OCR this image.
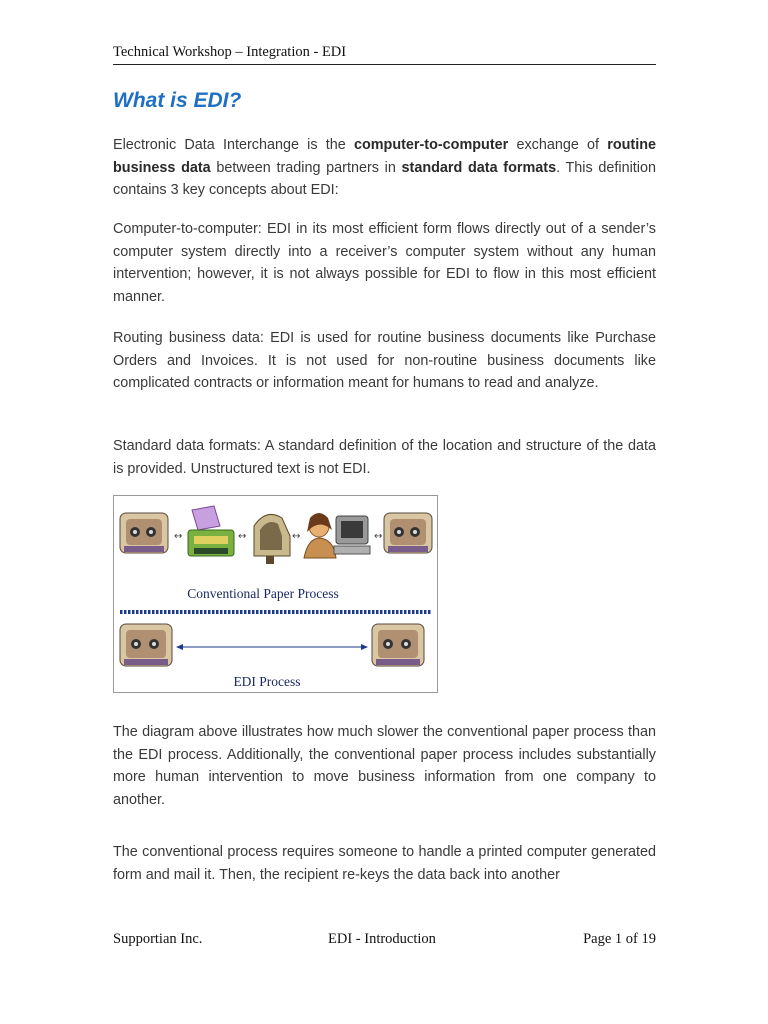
Technical Workshop – Integration - EDI
What is EDI?

Electronic Data Interchange is the computer-to-computer exchange of routine business data between trading partners in standard data formats. This definition contains 3 key concepts about EDI:

Computer-to-computer: EDI in its most efficient form flows directly out of a sender’s computer system directly into a receiver’s computer system without any human intervention; however, it is not always possible for EDI to flow in this most efficient manner.

Routing business data: EDI is used for routine business documents like Purchase Orders and Invoices. It is not used for non-routine business documents like complicated contracts or information meant for humans to read and analyze.

Standard data formats: A standard definition of the location and structure of the data is provided. Unstructured text is not EDI.

↔	↔	↔	↔
Conventional Paper Process
EDI Process

The diagram above illustrates how much slower the conventional paper process than the EDI process. Additionally, the conventional paper process includes substantially more human intervention to move business information from one company to another.

The conventional process requires someone to handle a printed computer generated form and mail it. Then, the recipient re-keys the data back into another

Supportian Inc.	EDI - Introduction	Page 1 of 19
